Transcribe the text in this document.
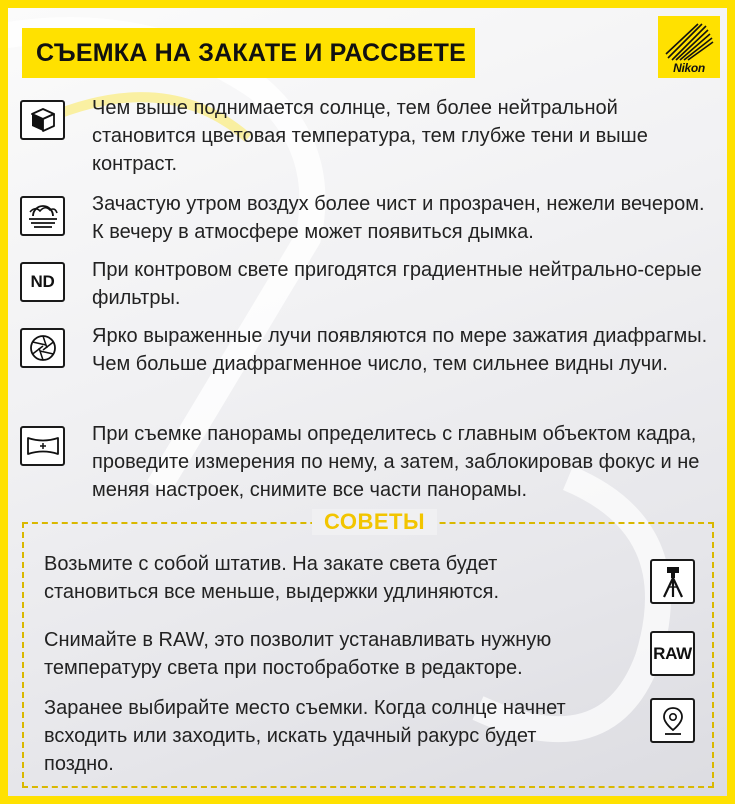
СЪЕМКА НА ЗАКАТЕ И РАССВЕТЕ
Nikon
Чем выше поднимается солнце, тем более нейтральной становится цветовая температура, тем глубже тени и выше контраст.
Зачастую утром воздух более чист и прозрачен, нежели вечером. К вечеру в атмосфере может появиться дымка.
ND
При контровом свете пригодятся градиентные нейтрально-серые фильтры.
Ярко выраженные лучи появляются по мере зажатия диафрагмы. Чем больше диафрагменное число, тем сильнее видны лучи.
При съемке панорамы определитесь с главным объектом кадра, проведите измерения по нему, а затем, заблокировав фокус и не меняя настроек, снимите все части панорамы.
СОВЕТЫ
Возьмите с собой штатив. На закате света будет становиться все меньше, выдержки удлиняются.
Снимайте в RAW, это позволит устанавливать нужную температуру света при постобработке в редакторе.
RAW
Заранее выбирайте место съемки. Когда солнце начнет всходить или заходить, искать удачный ракурс будет поздно.
